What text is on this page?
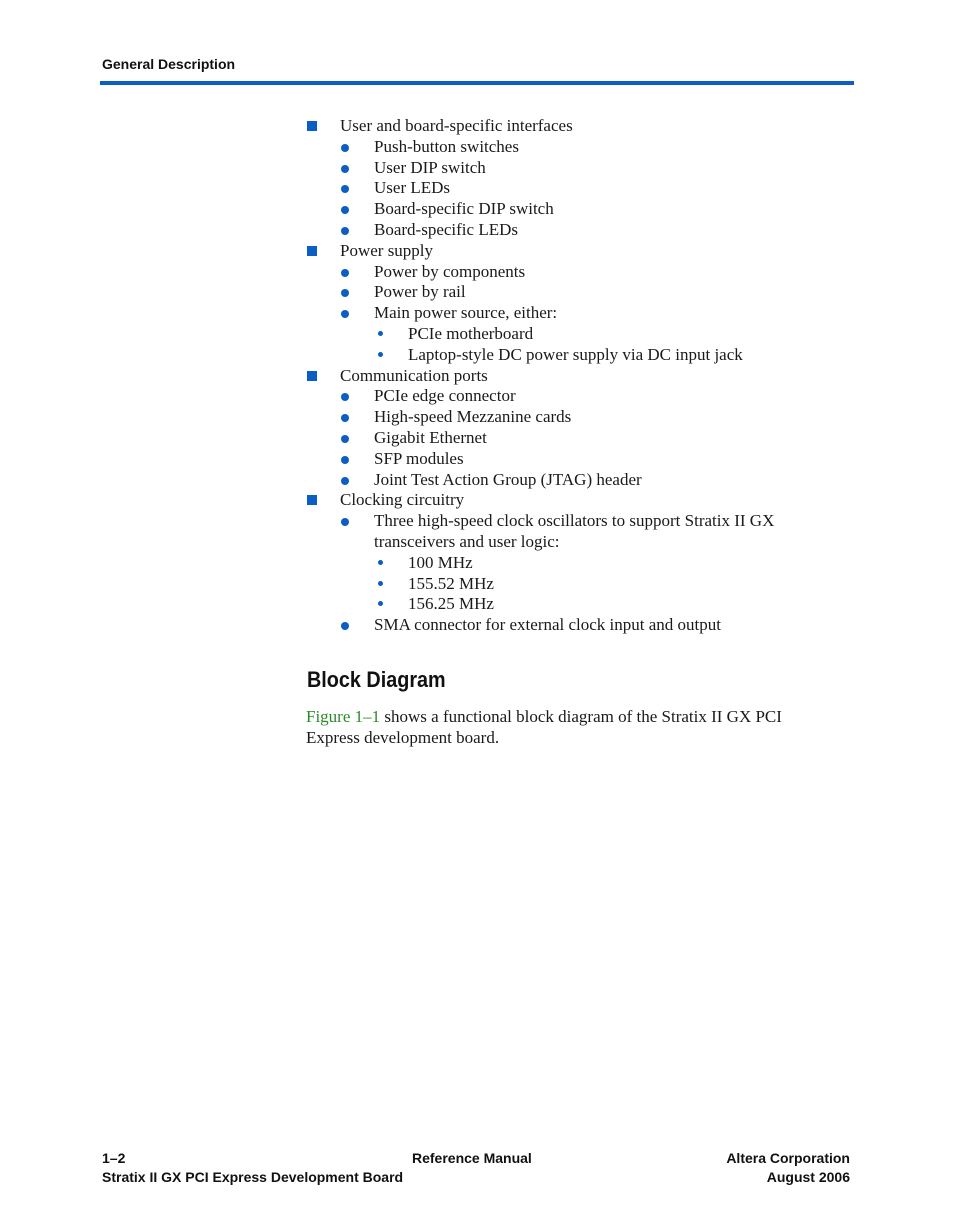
General Description
User and board-specific interfaces
Push-button switches
User DIP switch
User LEDs
Board-specific DIP switch
Board-specific LEDs
Power supply
Power by components
Power by rail
Main power source, either:
PCIe motherboard
Laptop-style DC power supply via DC input jack
Communication ports
PCIe edge connector
High-speed Mezzanine cards
Gigabit Ethernet
SFP modules
Joint Test Action Group (JTAG) header
Clocking circuitry
Three high-speed clock oscillators to support Stratix II GX transceivers and user logic:
100 MHz
155.52 MHz
156.25 MHz
SMA connector for external clock input and output
Block Diagram
Figure 1–1 shows a functional block diagram of the Stratix II GX PCI Express development board.
1–2	Reference Manual	Altera Corporation
Stratix II GX PCI Express Development Board	August 2006
